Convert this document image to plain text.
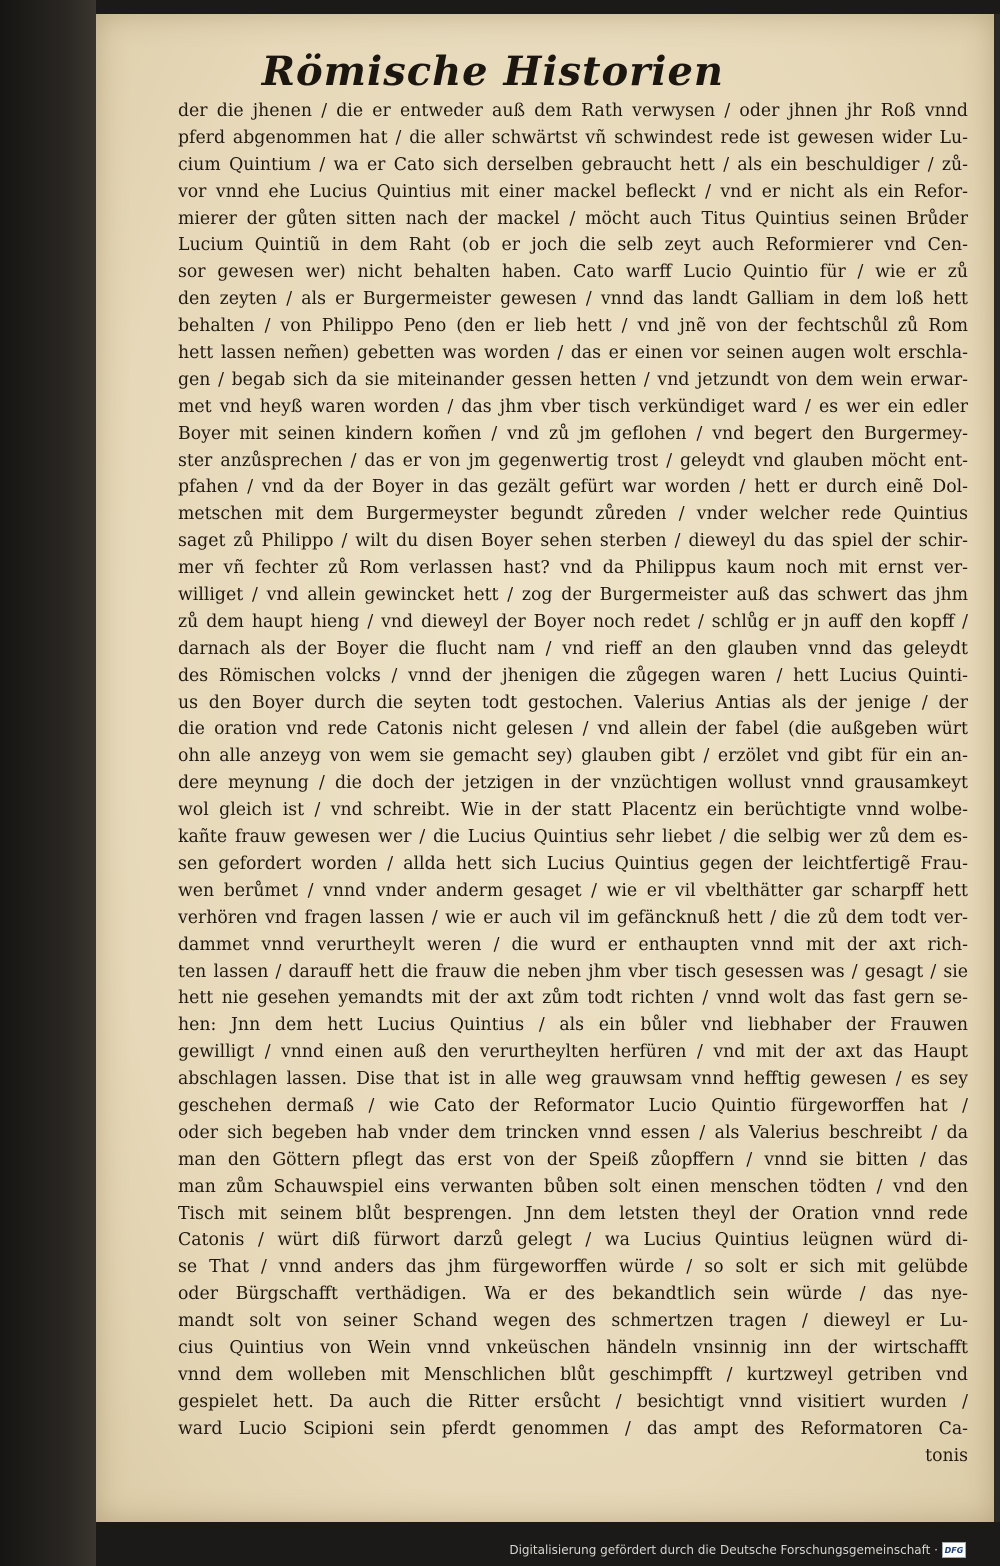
Römische Historien
der die jhenen / die er entweder auß dem Rath verwysen / oder jhnen jhr Roß vnnd
pferd abgenommen hat / die aller schwärtst vñ schwindest rede ist gewesen wider Lu-
cium Quintium / wa er Cato sich derselben gebraucht hett / als ein beschuldiger / zů-
vor vnnd ehe Lucius Quintius mit einer mackel befleckt / vnd er nicht als ein Refor-
mierer der gůten sitten nach der mackel / möcht auch Titus Quintius seinen Brůder
Lucium Quintiũ in dem Raht (ob er joch die selb zeyt auch Reformierer vnd Cen-
sor gewesen wer) nicht behalten haben. Cato warff Lucio Quintio für / wie er zů
den zeyten / als er Burgermeister gewesen / vnnd das landt Galliam in dem loß hett
behalten / von Philippo Peno (den er lieb hett / vnd jnẽ von der fechtschůl zů Rom
hett lassen nem̃en) gebetten was worden / das er einen vor seinen augen wolt erschla-
gen / begab sich da sie miteinander gessen hetten / vnd jetzundt von dem wein erwar-
met vnd heyß waren worden / das jhm vber tisch verkündiget ward / es wer ein edler
Boyer mit seinen kindern kom̃en / vnd zů jm geflohen / vnd begert den Burgermey-
ster anzůsprechen / das er von jm gegenwertig trost / geleydt vnd glauben möcht ent-
pfahen / vnd da der Boyer in das gezält gefürt war worden / hett er durch einẽ Dol-
metschen mit dem Burgermeyster begundt zůreden / vnder welcher rede Quintius
saget zů Philippo / wilt du disen Boyer sehen sterben / dieweyl du das spiel der schir-
mer vñ fechter zů Rom verlassen hast? vnd da Philippus kaum noch mit ernst ver-
williget / vnd allein gewincket hett / zog der Burgermeister auß das schwert das jhm
zů dem haupt hieng / vnd dieweyl der Boyer noch redet / schlůg er jn auff den kopff /
darnach als der Boyer die flucht nam / vnd rieff an den glauben vnnd das geleydt
des Römischen volcks / vnnd der jhenigen die zůgegen waren / hett Lucius Quinti-
us den Boyer durch die seyten todt gestochen. Valerius Antias als der jenige / der
die oration vnd rede Catonis nicht gelesen / vnd allein der fabel (die außgeben würt
ohn alle anzeyg von wem sie gemacht sey) glauben gibt / erzölet vnd gibt für ein an-
dere meynung / die doch der jetzigen in der vnzüchtigen wollust vnnd grausamkeyt
wol gleich ist / vnd schreibt. Wie in der statt Placentz ein berüchtigte vnnd wolbe-
kañte frauw gewesen wer / die Lucius Quintius sehr liebet / die selbig wer zů dem es-
sen gefordert worden / allda hett sich Lucius Quintius gegen der leichtfertigẽ Frau-
wen berůmet / vnnd vnder anderm gesaget / wie er vil vbelthätter gar scharpff hett
verhören vnd fragen lassen / wie er auch vil im gefäncknuß hett / die zů dem todt ver-
dammet vnnd verurtheylt weren / die wurd er enthaupten vnnd mit der axt rich-
ten lassen / darauff hett die frauw die neben jhm vber tisch gesessen was / gesagt / sie
hett nie gesehen yemandts mit der axt zům todt richten / vnnd wolt das fast gern se-
hen: Jnn dem hett Lucius Quintius / als ein bůler vnd liebhaber der Frauwen
gewilligt / vnnd einen auß den verurtheylten herfüren / vnd mit der axt das Haupt
abschlagen lassen. Dise that ist in alle weg grauwsam vnnd hefftig gewesen / es sey
geschehen dermaß / wie Cato der Reformator Lucio Quintio fürgeworffen hat /
oder sich begeben hab vnder dem trincken vnnd essen / als Valerius beschreibt / da
man den Göttern pflegt das erst von der Speiß zůopffern / vnnd sie bitten / das
man zům Schauwspiel eins verwanten bůben solt einen menschen tödten / vnd den
Tisch mit seinem blůt besprengen. Jnn dem letsten theyl der Oration vnnd rede
Catonis / würt diß fürwort darzů gelegt / wa Lucius Quintius leügnen würd di-
se That / vnnd anders das jhm fürgeworffen würde / so solt er sich mit gelübde
oder Bürgschafft verthädigen. Wa er des bekandtlich sein würde / das nye-
mandt solt von seiner Schand wegen des schmertzen tragen / dieweyl er Lu-
cius Quintius von Wein vnnd vnkeüschen händeln vnsinnig inn der wirtschafft
vnnd dem wolleben mit Menschlichen blůt geschimpfft / kurtzweyl getriben vnd
gespielet hett. Da auch die Ritter ersůcht / besichtigt vnnd visitiert wurden /
ward Lucio Scipioni sein pferdt genommen / das ampt des Reformatoren Ca-
tonis
Digitalisierung gefördert durch die Deutsche Forschungsgemeinschaft · DFG
